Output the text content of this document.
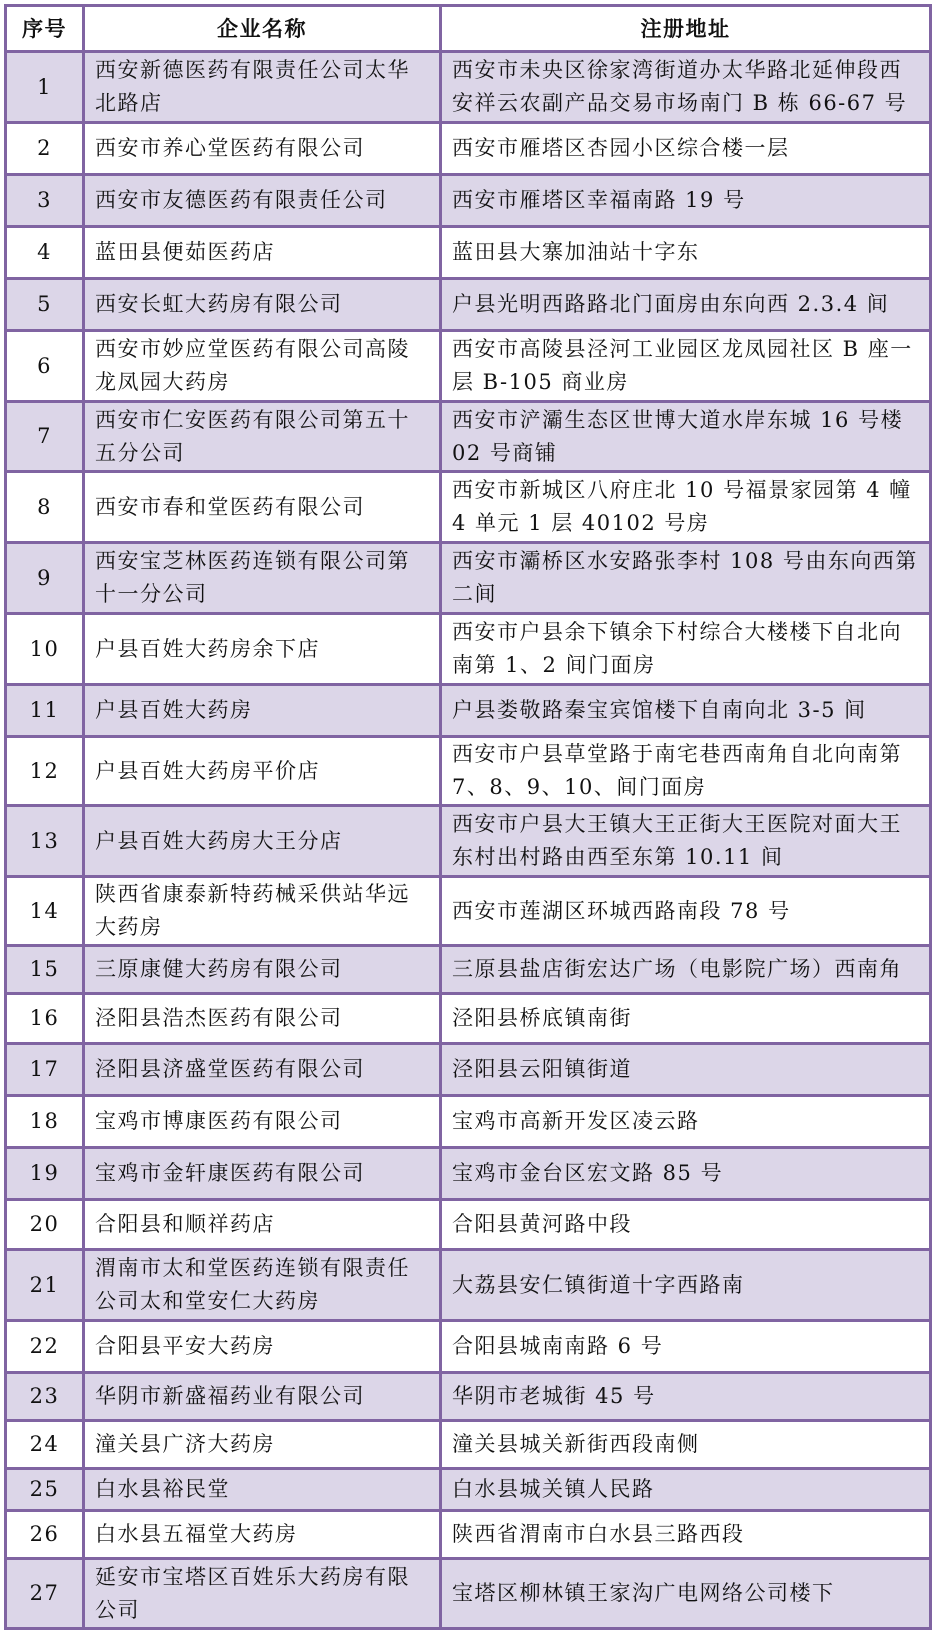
序号	企业名称	注册地址
1	西安新德医药有限责任公司太华北路店	西安市未央区徐家湾街道办太华路北延伸段西安祥云农副产品交易市场南门 B 栋 66-67 号
2	西安市养心堂医药有限公司	西安市雁塔区杏园小区综合楼一层
3	西安市友德医药有限责任公司	西安市雁塔区幸福南路 19 号
4	蓝田县便茹医药店	蓝田县大寨加油站十字东
5	西安长虹大药房有限公司	户县光明西路路北门面房由东向西 2.3.4 间
6	西安市妙应堂医药有限公司高陵龙凤园大药房	西安市高陵县泾河工业园区龙凤园社区 B 座一层 B-105 商业房
7	西安市仁安医药有限公司第五十五分公司	西安市浐灞生态区世博大道水岸东城 16 号楼 02 号商铺
8	西安市春和堂医药有限公司	西安市新城区八府庄北 10 号福景家园第 4 幢 4 单元 1 层 40102 号房
9	西安宝芝林医药连锁有限公司第十一分公司	西安市灞桥区水安路张李村 108 号由东向西第二间
10	户县百姓大药房余下店	西安市户县余下镇余下村综合大楼楼下自北向南第 1、2 间门面房
11	户县百姓大药房	户县娄敬路秦宝宾馆楼下自南向北 3-5 间
12	户县百姓大药房平价店	西安市户县草堂路于南宅巷西南角自北向南第 7、8、9、10、间门面房
13	户县百姓大药房大王分店	西安市户县大王镇大王正街大王医院对面大王东村出村路由西至东第 10.11 间
14	陕西省康泰新特药械采供站华远大药房	西安市莲湖区环城西路南段 78 号
15	三原康健大药房有限公司	三原县盐店街宏达广场（电影院广场）西南角
16	泾阳县浩杰医药有限公司	泾阳县桥底镇南街
17	泾阳县济盛堂医药有限公司	泾阳县云阳镇街道
18	宝鸡市博康医药有限公司	宝鸡市高新开发区凌云路
19	宝鸡市金轩康医药有限公司	宝鸡市金台区宏文路 85 号
20	合阳县和顺祥药店	合阳县黄河路中段
21	渭南市太和堂医药连锁有限责任公司太和堂安仁大药房	大荔县安仁镇街道十字西路南
22	合阳县平安大药房	合阳县城南南路 6 号
23	华阴市新盛福药业有限公司	华阴市老城街 45 号
24	潼关县广济大药房	潼关县城关新街西段南侧
25	白水县裕民堂	白水县城关镇人民路
26	白水县五福堂大药房	陕西省渭南市白水县三路西段
27	延安市宝塔区百姓乐大药房有限公司	宝塔区柳林镇王家沟广电网络公司楼下
